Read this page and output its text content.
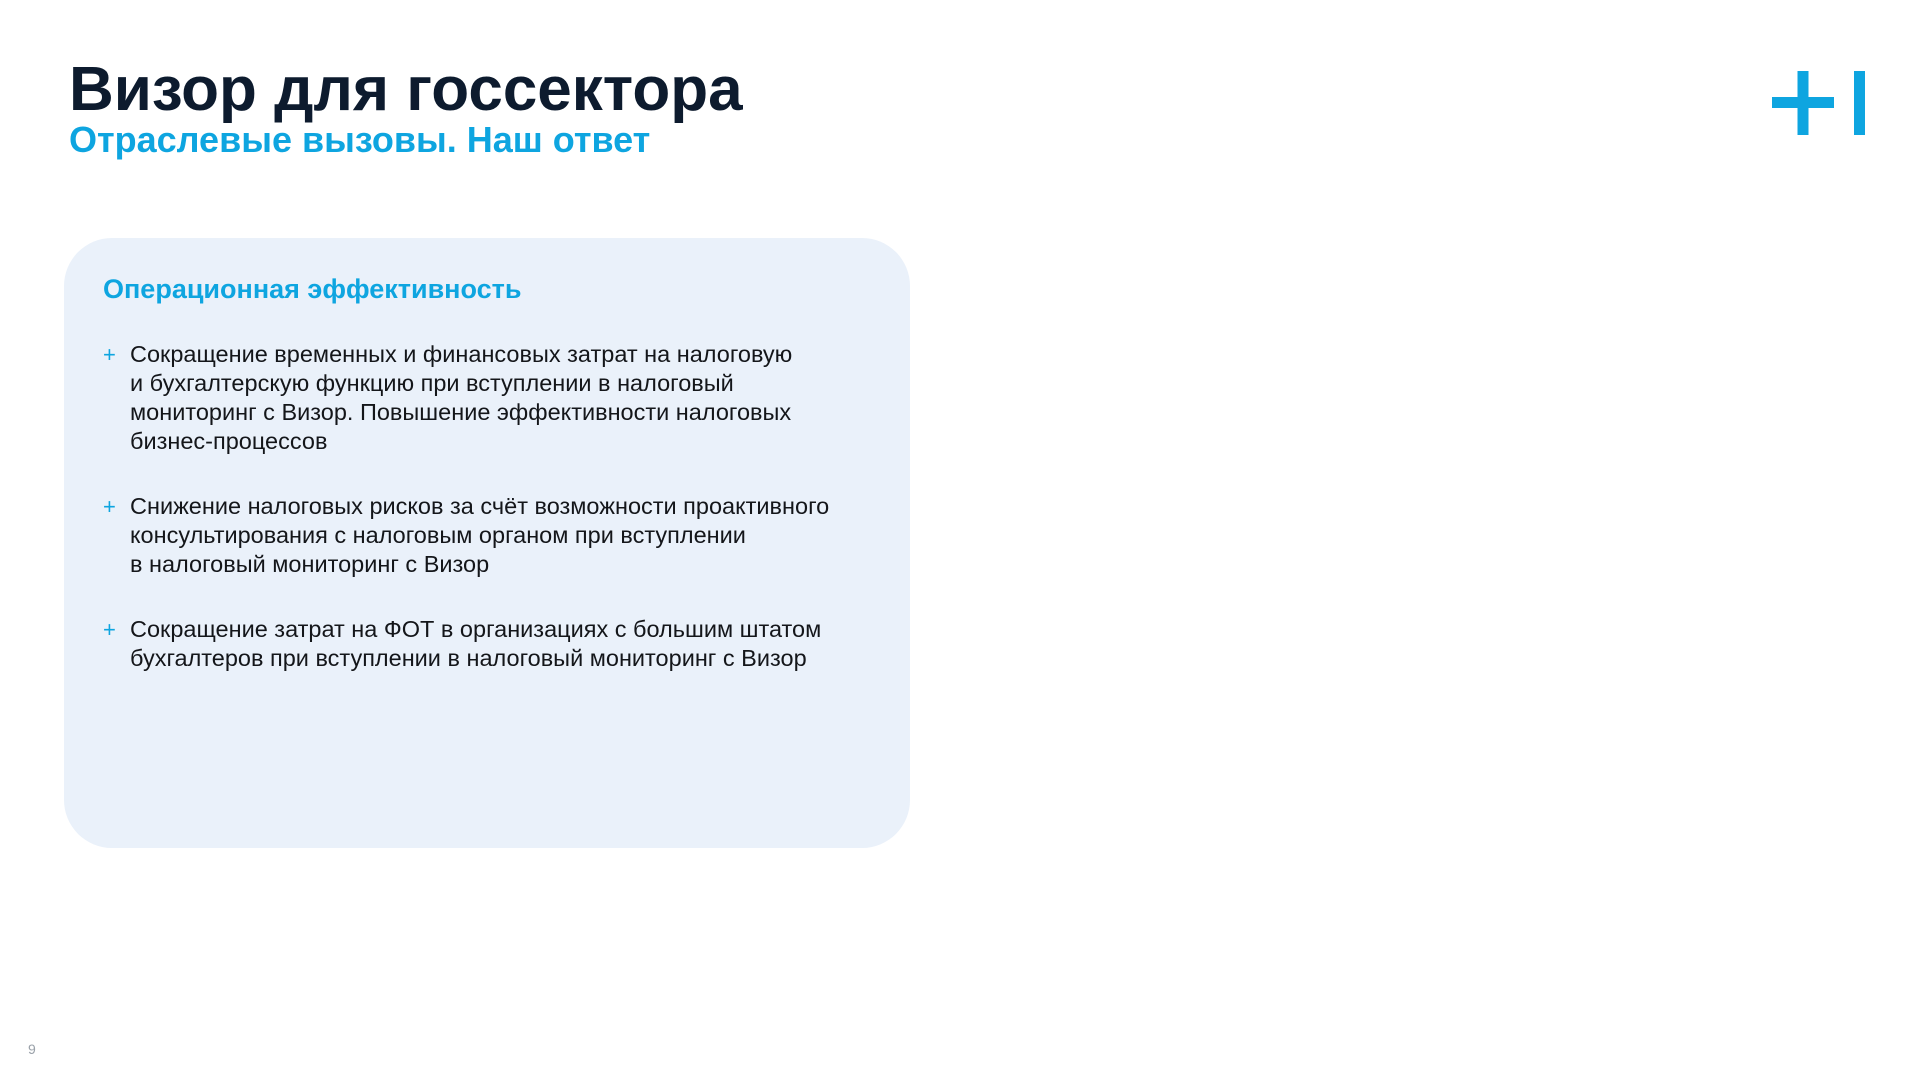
Визор для госсектора
Отраслевые вызовы. Наш ответ
Операционная эффективность
+ Сокращение временных и финансовых затрат на налоговую
и бухгалтерскую функцию при вступлении в налоговый
мониторинг с Визор. Повышение эффективности налоговых
бизнес-процессов
+ Снижение налоговых рисков за счёт возможности проактивного
консультирования с налоговым органом при вступлении
в налоговый мониторинг с Визор
+ Сокращение затрат на ФОТ в организациях с большим штатом
бухгалтеров при вступлении в налоговый мониторинг с Визор
9
